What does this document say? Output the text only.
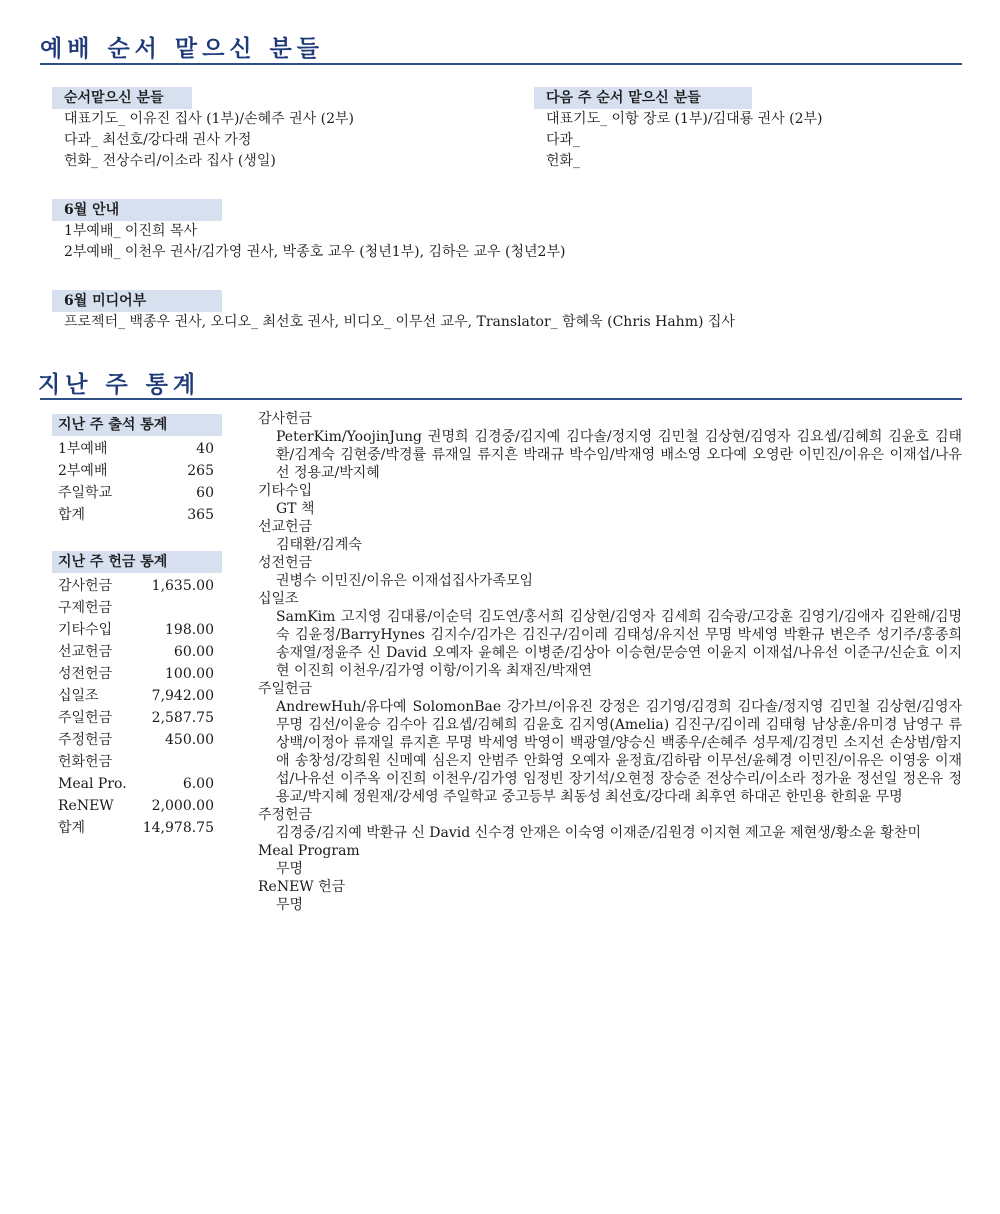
예배 순서 맡으신 분들
순서맡으신 분들
대표기도_ 이유진 집사 (1부)/손혜주 권사 (2부)
다과_ 최선호/강다래 권사 가정
헌화_ 전상수리/이소라 집사 (생일)
다음 주 순서 맡으신 분들
대표기도_ 이항 장로 (1부)/김대룡 권사 (2부)
다과_
헌화_
6월 안내
1부예배_ 이진희 목사
2부예배_ 이천우 권사/김가영 권사, 박종호 교우 (청년1부), 김하은 교우 (청년2부)
6월 미디어부
프로젝터_ 백종우 권사, 오디오_ 최선호 권사, 비디오_ 이무선 교우, Translator_ 함혜욱 (Chris Hahm) 집사
지난 주 통계
지난 주 출석 통계
1부예배	40
2부예배	265
주일학교	60
합계	365
지난 주 헌금 통계
감사헌금	1,635.00
구제헌금
기타수입	198.00
선교헌금	60.00
성전헌금	100.00
십일조	7,942.00
주일헌금	2,587.75
주정헌금	450.00
헌화헌금
Meal Pro.	6.00
ReNEW	2,000.00
합계	14,978.75
감사헌금
PeterKim/YoojinJung 권명희 김경중/김지예 김다솔/정지영 김민철 김상현/김영자 김요셉/김혜희 김윤호 김태환/김계숙 김현중/박경률 류재일 류지흔 박래규 박수임/박재영 배소영 오다예 오영란 이민진/이유은 이재섭/나유선 정용교/박지혜
기타수입
GT 책
선교헌금
김태환/김계숙
성전헌금
권병수 이민진/이유은 이재섭집사가족모임
십일조
SamKim 고지영 김대룡/이순덕 김도연/홍서희 김상현/김영자 김세희 김숙광/고강훈 김영기/김애자 김완해/김명숙 김윤정/BarryHynes 김지수/김가은 김진구/김이레 김태성/유지선 무명 박세영 박환규 변은주 성기주/홍종희 송재열/정윤주 신 David 오예자 윤혜은 이병준/김상아 이승현/문승연 이윤지 이재섭/나유선 이준구/신순효 이지현 이진희 이천우/김가영 이항/이기옥 최재진/박재연
주일헌금
AndrewHuh/유다예 SolomonBae 강가브/이유진 강정은 김기영/김경희 김다솔/정지영 김민철 김상현/김영자 무명 김선/이윤승 김수아 김요셉/김혜희 김윤호 김지영(Amelia) 김진구/김이레 김태형 남상훈/유미경 남영구 류상백/이정아 류재일 류지흔 무명 박세영 박영이 백광열/양승신 백종우/손혜주 성무제/김경민 소지선 손상범/함지애 송창성/강희원 신메예 심은지 안범주 안화영 오예자 윤정효/김하람 이무선/윤혜경 이민진/이유은 이영웅 이재섭/나유선 이주옥 이진희 이천우/김가영 임정빈 장기석/오현정 장승준 전상수리/이소라 정가윤 정선일 정온유 정용교/박지혜 정원재/강세영 주일학교 중고등부 최동성 최선호/강다래 최후연 하대곤 한민용 한희윤 무명
주정헌금
김경중/김지예 박환규 신 David 신수경 안재은 이숙영 이재준/김원경 이지현 제고윤 제현생/황소윤 황찬미
Meal Program
무명
ReNEW 헌금
무명
